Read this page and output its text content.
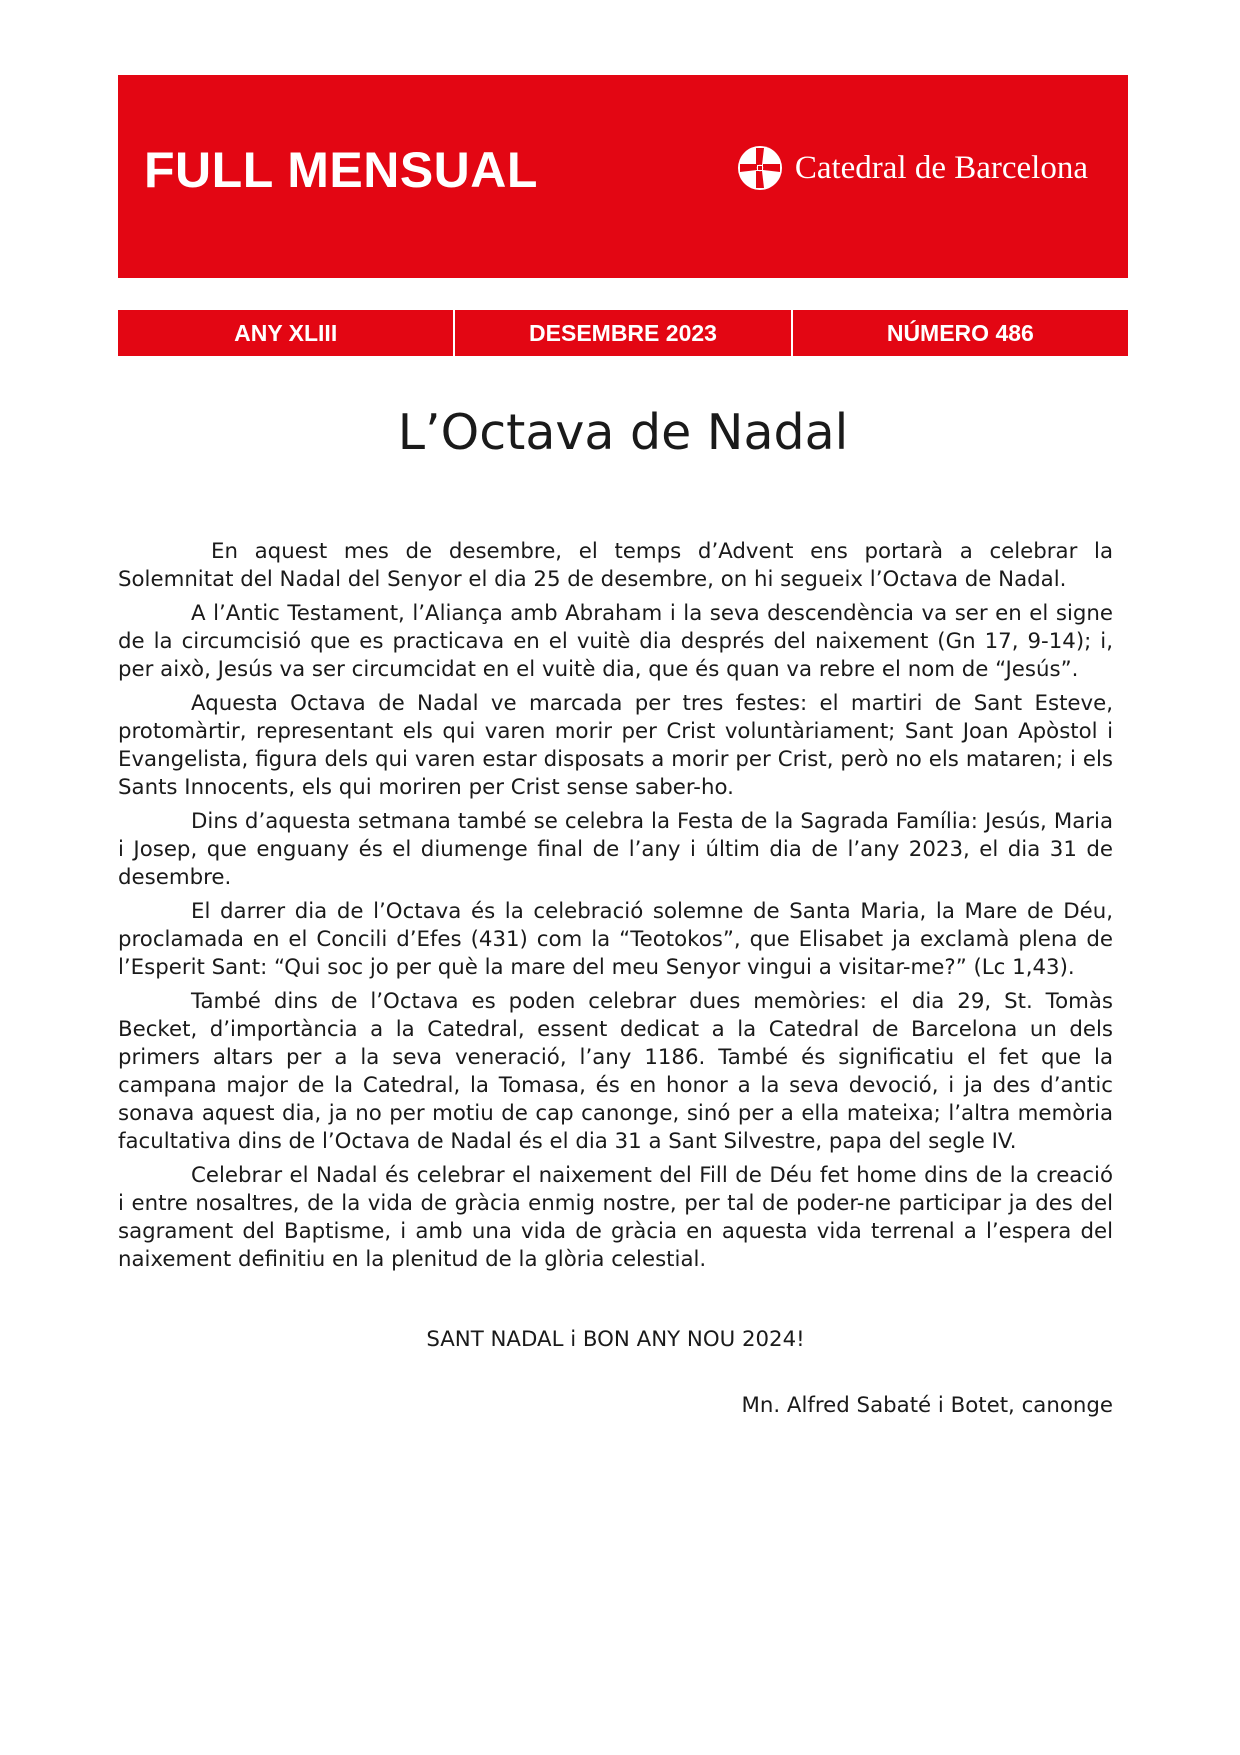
FULL MENSUAL	Catedral de Barcelona
ANY XLIII	DESEMBRE 2023	NÚMERO 486
L’Octava de Nadal

En aquest mes de desembre, el temps d’Advent ens portarà a celebrar la Solemnitat del Nadal del Senyor el dia 25 de desembre, on hi segueix l’Octava de Nadal.

A l’Antic Testament, l’Aliança amb Abraham i la seva descendència va ser en el signe de la circumcisió que es practicava en el vuitè dia després del naixement (Gn 17, 9-14); i, per això, Jesús va ser circumcidat en el vuitè dia, que és quan va rebre el nom de “Jesús”.

Aquesta Octava de Nadal ve marcada per tres festes: el martiri de Sant Esteve, protomàrtir, representant els qui varen morir per Crist voluntàriament; Sant Joan Apòstol i Evangelista, figura dels qui varen estar disposats a morir per Crist, però no els mataren; i els Sants Innocents, els qui moriren per Crist sense saber-ho.

Dins d’aquesta setmana també se celebra la Festa de la Sagrada Família: Jesús, Maria i Josep, que enguany és el diumenge final de l’any i últim dia de l’any 2023, el dia 31 de desembre.

El darrer dia de l’Octava és la celebració solemne de Santa Maria, la Mare de Déu, proclamada en el Concili d’Efes (431) com la “Teotokos”, que Elisabet ja exclamà plena de l’Esperit Sant: “Qui soc jo per què la mare del meu Senyor vingui a visitar-me?” (Lc 1,43).

També dins de l’Octava es poden celebrar dues memòries: el dia 29, St. Tomàs Becket, d’importància a la Catedral, essent dedicat a la Catedral de Barcelona un dels primers altars per a la seva veneració, l’any 1186. També és significatiu el fet que la campana major de la Catedral, la Tomasa, és en honor a la seva devoció, i ja des d’antic sonava aquest dia, ja no per motiu de cap canonge, sinó per a ella mateixa; l’altra memòria facultativa dins de l’Octava de Nadal és el dia 31 a Sant Silvestre, papa del segle IV.

Celebrar el Nadal és celebrar el naixement del Fill de Déu fet home dins de la creació i entre nosaltres, de la vida de gràcia enmig nostre, per tal de poder-ne participar ja des del sagrament del Baptisme, i amb una vida de gràcia en aquesta vida terrenal a l’espera del naixement definitiu en la plenitud de la glòria celestial.

SANT NADAL i BON ANY NOU 2024!

Mn. Alfred Sabaté i Botet, canonge
